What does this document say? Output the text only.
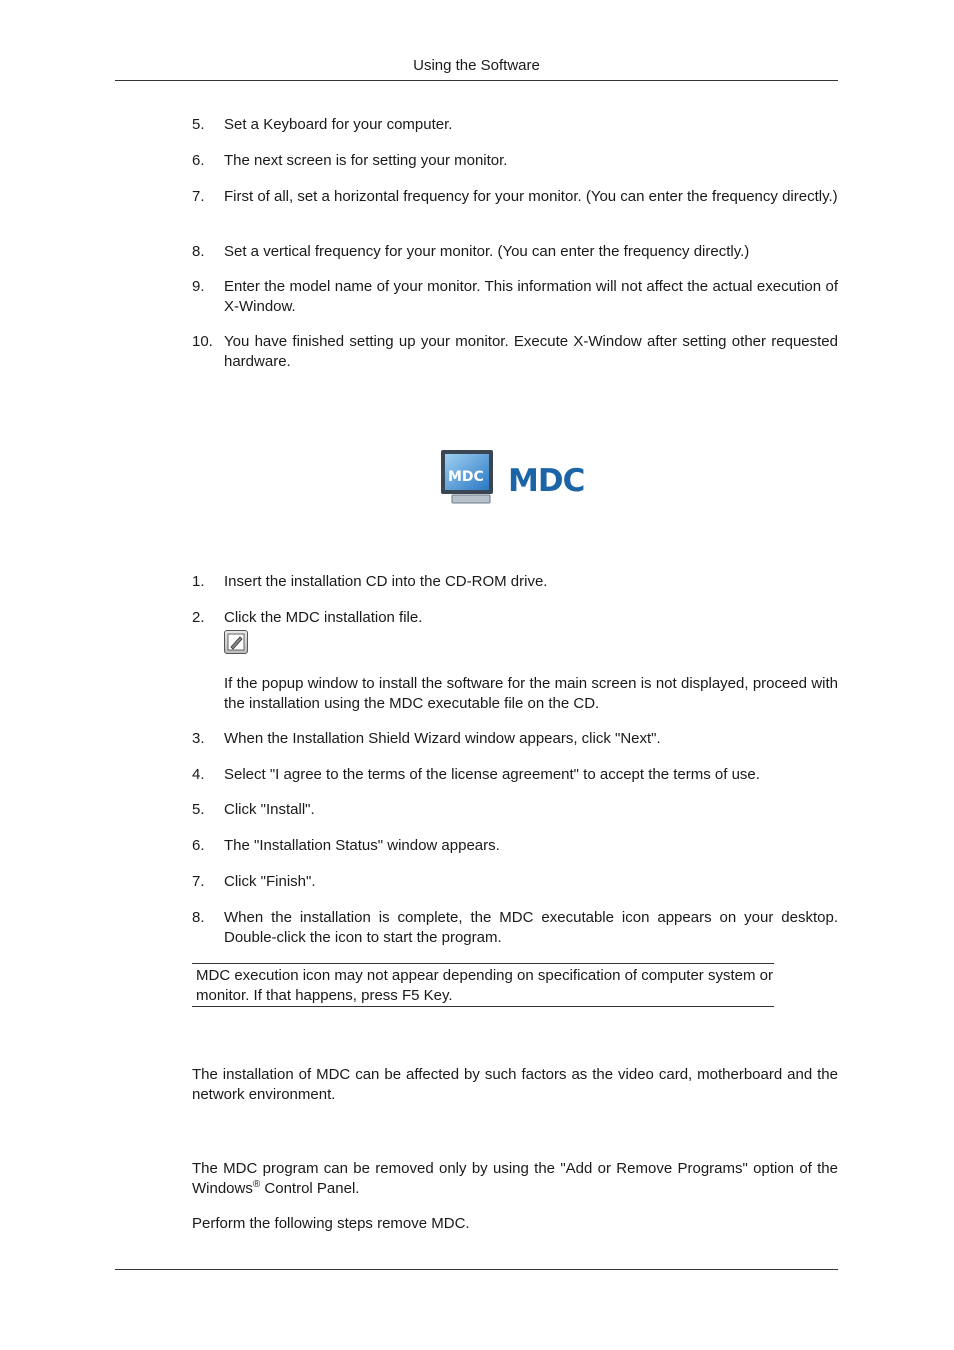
Using the Software
5. Set a Keyboard for your computer.
6. The next screen is for setting your monitor.
7. First of all, set a horizontal frequency for your monitor. (You can enter the frequency directly.)
8. Set a vertical frequency for your monitor. (You can enter the frequency directly.)
9. Enter the model name of your monitor. This information will not affect the actual execution of X-Window.
10. You have finished setting up your monitor. Execute X-Window after setting other requested hardware.
MDC MDC
1. Insert the installation CD into the CD-ROM drive.
2. Click the MDC installation file.
If the popup window to install the software for the main screen is not displayed, proceed with the installation using the MDC executable file on the CD.
3. When the Installation Shield Wizard window appears, click "Next".
4. Select "I agree to the terms of the license agreement" to accept the terms of use.
5. Click "Install".
6. The "Installation Status" window appears.
7. Click "Finish".
8. When the installation is complete, the MDC executable icon appears on your desktop. Double-click the icon to start the program.
MDC execution icon may not appear depending on specification of computer system or monitor. If that happens, press F5 Key.
The installation of MDC can be affected by such factors as the video card, motherboard and the network environment.
The MDC program can be removed only by using the "Add or Remove Programs" option of the Windows® Control Panel.
Perform the following steps remove MDC.
